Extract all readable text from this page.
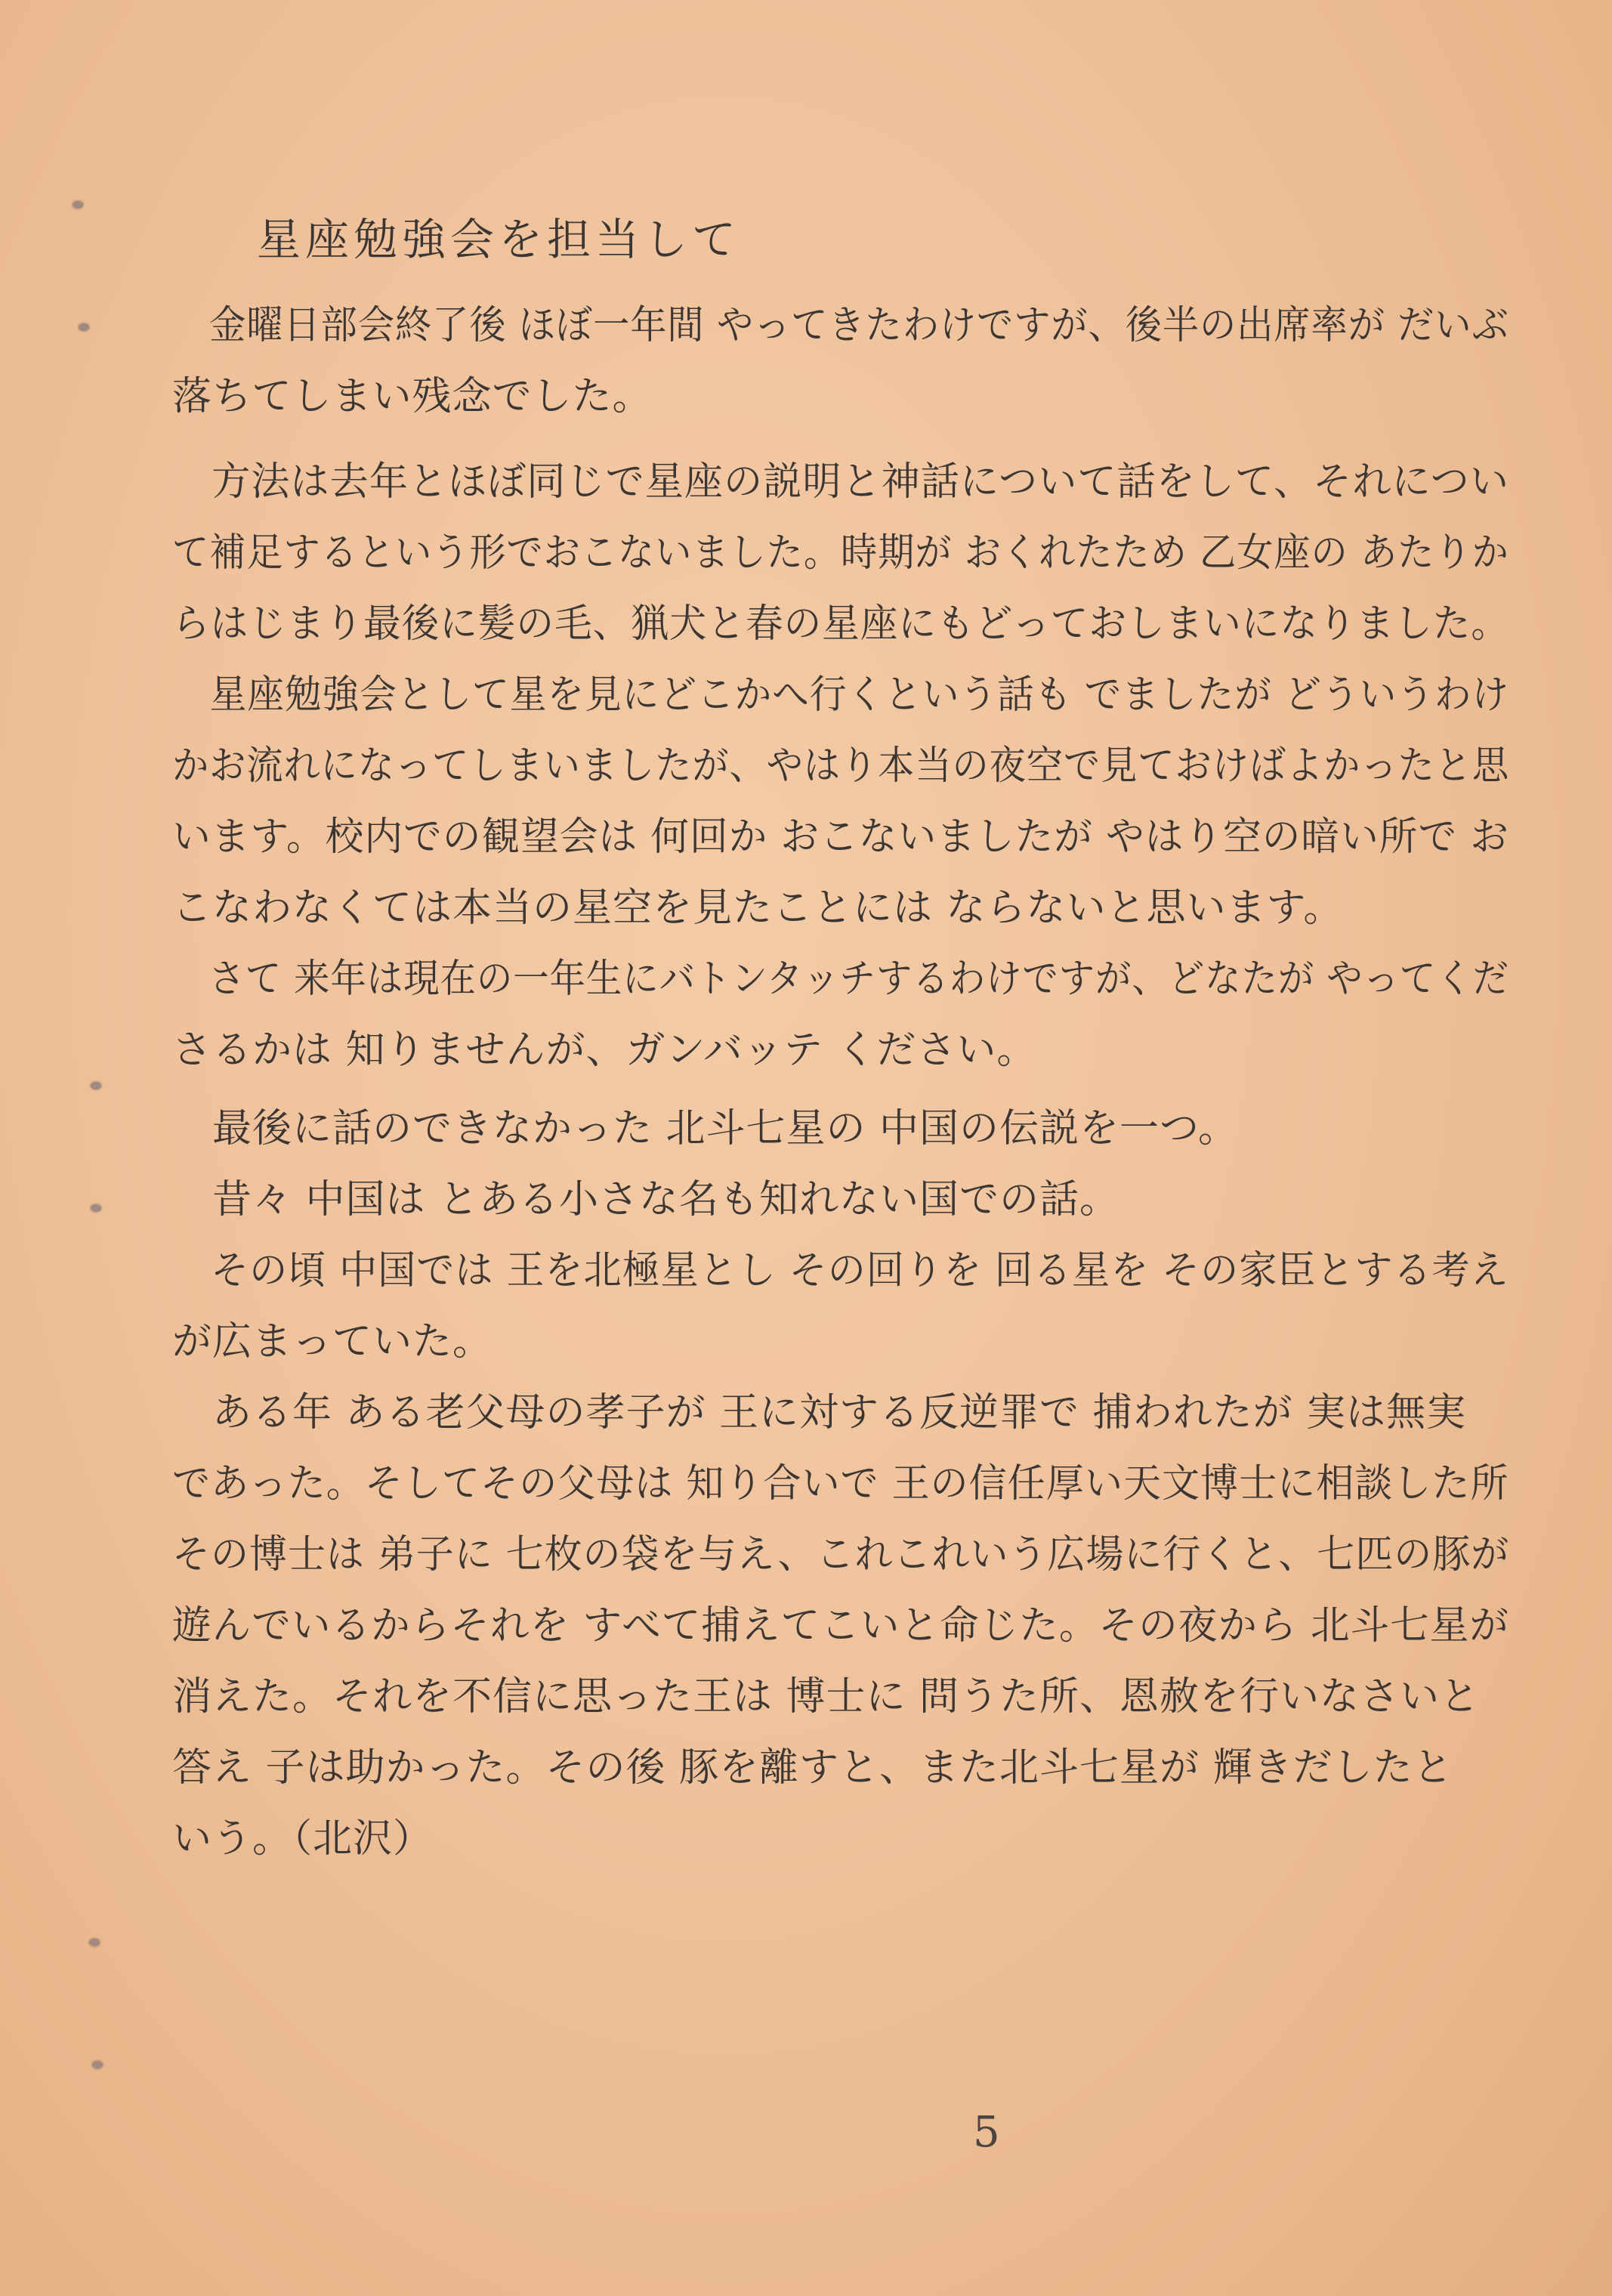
星座勉強会を担当して
　金曜日部会終了後 ほぼ一年間 やってきたわけですが、後半の出席率が だいぶ
落ちてしまい残念でした。
　方法は去年とほぼ同じで星座の説明と神話について話をして、それについ
て補足するという形でおこないました。時期が おくれたため 乙女座の あたりか
らはじまり最後に髪の毛、猟犬と春の星座にもどっておしまいになりました。
　星座勉強会として星を見にどこかへ行くという話も でましたが どういうわけ
かお流れになってしまいましたが、やはり本当の夜空で見ておけばよかったと思
います。校内での観望会は 何回か おこないましたが やはり空の暗い所で お
こなわなくては本当の星空を見たことには ならないと思います。
　さて 来年は現在の一年生にバトンタッチするわけですが、どなたが やってくだ
さるかは 知りませんが、ガンバッテ ください。
　最後に話のできなかった 北斗七星の 中国の伝説を一つ。
　昔々 中国は とある小さな名も知れない国での話。
　その頃 中国では 王を北極星とし その回りを 回る星を その家臣とする考え
が広まっていた。
　ある年 ある老父母の孝子が 王に対する反逆罪で 捕われたが 実は無実
であった。そしてその父母は 知り合いで 王の信任厚い天文博士に相談した所
その博士は 弟子に 七枚の袋を与え、これこれいう広場に行くと、七匹の豚が
遊んでいるからそれを すべて捕えてこいと命じた。その夜から 北斗七星が
消えた。それを不信に思った王は 博士に 問うた所、恩赦を行いなさいと
答え 子は助かった。その後 豚を離すと、また北斗七星が 輝きだしたと
いう。（北沢）
5
